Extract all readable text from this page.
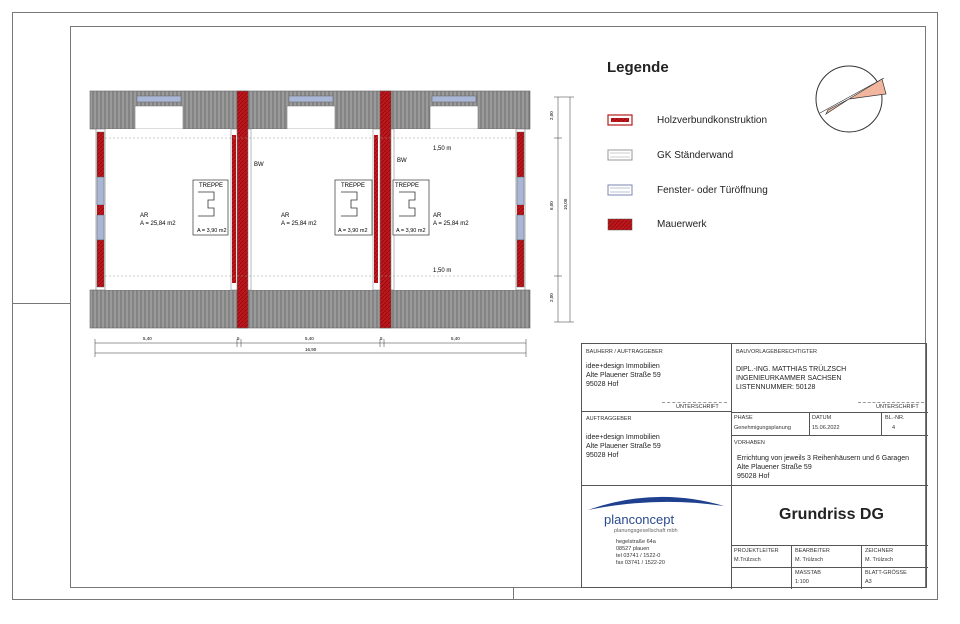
AR
A = 25,84 m2
AR
A = 25,84 m2
AR
A = 25,84 m2
TREPPE
A = 3,90 m2
TREPPE
A = 3,90 m2
TREPPE
A = 3,90 m2
BW
BW
1,50 m
1,50 m
5,40	5	5,40	5	5,40
16,90
2,00
6,00 10,00
2,00
Legende
Holzverbundkonstruktion
GK Ständerwand
Fenster- oder Türöffnung
Mauerwerk
BAUHERR / AUFTRAGGEBER
idee+design Immobilien
Alte Plauener Straße 59
95028 Hof
UNTERSCHRIFT
AUFTRAGGEBER
idee+design Immobilien
Alte Plauener Straße 59
95028 Hof
BAUVORLAGEBERECHTIGTER
DIPL.-ING. MATTHIAS TRÜLZSCH
INGENIEURKAMMER SACHSEN
LISTENNUMMER: 50128
UNTERSCHRIFT
PHASE
Genehmigungsplanung
DATUM
15.06.2022
BL.-NR.
4
VORHABEN
Errichtung von jeweils 3 Reihenhäusern und 6 Garagen
Alte Plauener Straße 59
95028 Hof
planconcept
planungsgesellschaft mbh
hegelstraße 64a
08527 plauen
tel 03741 / 1522-0
fax 03741 / 1522-20
Grundriss DG
PROJEKTLEITER
M.Trülzsch
BEARBEITER
M. Trülzsch
ZEICHNER
M. Trülzsch
MASSTAB
1:100
BLATT-GRÖSSE
A3
